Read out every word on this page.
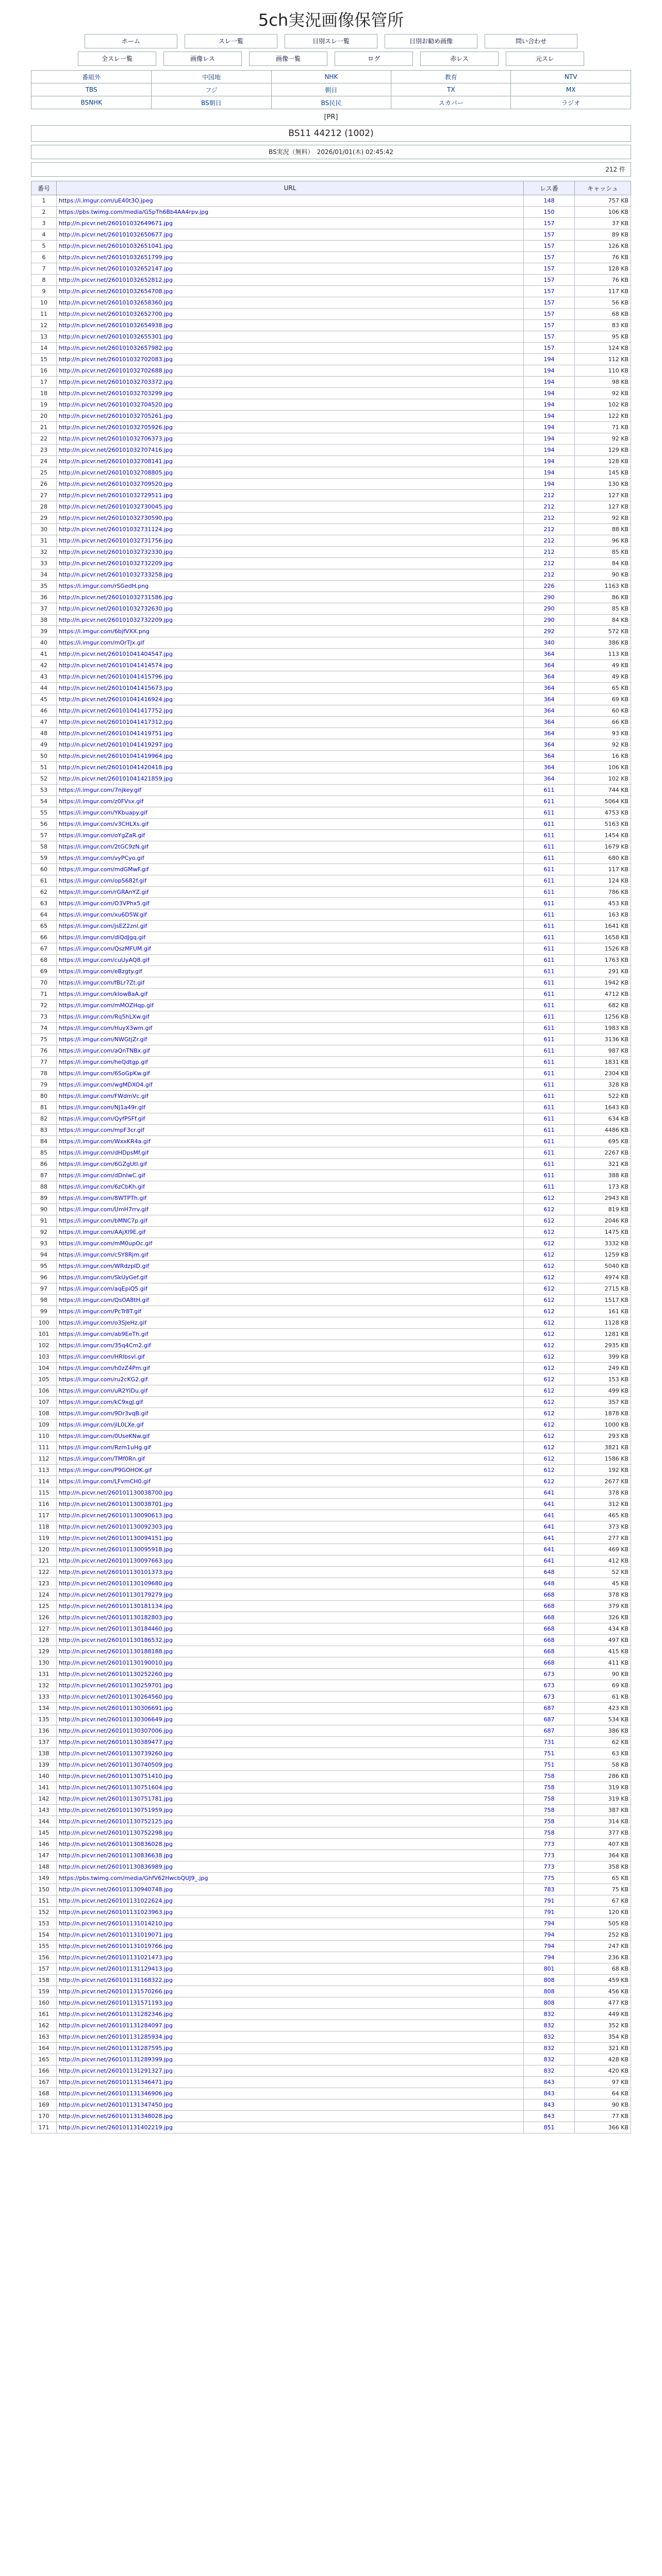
5ch実況画像保管所
ホーム	スレ一覧	日別スレ一覧	日別お勧め画像	問い合わせ
全スレ一覧	画像レス	画像一覧	ログ	赤レス	元スレ
番組外	中国地	NHK	教育	NTV
TBS	フジ	朝日	TX	MX
BSNHK	BS朝日	BS民民	スカパー	ラジオ
[PR]
BS11 44212 (1002)
BS実況（無料）　2026/01/01(木) 02:45:42
212 件
番号	URL	レス番	キャッシュ
1	https://i.imgur.com/uE40t3O.jpeg	148	757 KB
2	https://pbs.twimg.com/media/G5pTh6Bb4AA4rpv.jpg	150	106 KB
3	http://n.picvr.net/260101032649671.jpg	157	37 KB
4	http://n.picvr.net/260101032650677.jpg	157	89 KB
5	http://n.picvr.net/260101032651041.jpg	157	126 KB
6	http://n.picvr.net/260101032651799.jpg	157	76 KB
7	http://n.picvr.net/260101032652147.jpg	157	128 KB
8	http://n.picvr.net/260101032652812.jpg	157	76 KB
9	http://n.picvr.net/260101032654708.jpg	157	117 KB
10	http://n.picvr.net/260101032658360.jpg	157	56 KB
11	http://n.picvr.net/260101032652700.jpg	157	68 KB
12	http://n.picvr.net/260101032654938.jpg	157	83 KB
13	http://n.picvr.net/260101032655301.jpg	157	95 KB
14	http://n.picvr.net/260101032657982.jpg	157	124 KB
15	http://n.picvr.net/260101032702083.jpg	194	112 KB
16	http://n.picvr.net/260101032702688.jpg	194	110 KB
17	http://n.picvr.net/260101032703372.jpg	194	98 KB
18	http://n.picvr.net/260101032703299.jpg	194	92 KB
19	http://n.picvr.net/260101032704520.jpg	194	102 KB
20	http://n.picvr.net/260101032705261.jpg	194	122 KB
21	http://n.picvr.net/260101032705926.jpg	194	71 KB
22	http://n.picvr.net/260101032706373.jpg	194	92 KB
23	http://n.picvr.net/260101032707416.jpg	194	129 KB
24	http://n.picvr.net/260101032708141.jpg	194	128 KB
25	http://n.picvr.net/260101032708805.jpg	194	145 KB
26	http://n.picvr.net/260101032709520.jpg	194	130 KB
27	http://n.picvr.net/260101032729511.jpg	212	127 KB
28	http://n.picvr.net/260101032730045.jpg	212	127 KB
29	http://n.picvr.net/260101032730590.jpg	212	92 KB
30	http://n.picvr.net/260101032731124.jpg	212	88 KB
31	http://n.picvr.net/260101032731756.jpg	212	96 KB
32	http://n.picvr.net/260101032732330.jpg	212	85 KB
33	http://n.picvr.net/260101032732209.jpg	212	84 KB
34	http://n.picvr.net/260101032733258.jpg	212	90 KB
35	https://i.imgur.com/rSGedH.png	226	1163 KB
36	http://n.picvr.net/260101032731586.jpg	290	86 KB
37	http://n.picvr.net/260101032732630.jpg	290	85 KB
38	http://n.picvr.net/260101032732209.jpg	290	84 KB
39	https://i.imgur.com/6bjfVXX.png	292	572 KB
40	https://i.imgur.com/mOrTJx.gif	340	386 KB
41	http://n.picvr.net/260101041404547.jpg	364	113 KB
42	http://n.picvr.net/260101041414574.jpg	364	49 KB
43	http://n.picvr.net/260101041415796.jpg	364	49 KB
44	http://n.picvr.net/260101041415673.jpg	364	65 KB
45	http://n.picvr.net/260101041416924.jpg	364	69 KB
46	http://n.picvr.net/260101041417752.jpg	364	60 KB
47	http://n.picvr.net/260101041417312.jpg	364	66 KB
48	http://n.picvr.net/260101041419751.jpg	364	93 KB
49	http://n.picvr.net/260101041419297.jpg	364	92 KB
50	http://n.picvr.net/260101041419964.jpg	364	16 KB
51	http://n.picvr.net/260101041420418.jpg	364	106 KB
52	http://n.picvr.net/260101041421859.jpg	364	102 KB
53	https://i.imgur.com/7njkey.gif	611	744 KB
54	https://i.imgur.com/z0FVsx.gif	611	5064 KB
55	https://i.imgur.com/YKbuapy.gif	611	4753 KB
56	https://i.imgur.com/v3CHLXs.gif	611	5163 KB
57	https://i.imgur.com/oYgZaR.gif	611	1454 KB
58	https://i.imgur.com/2tGC9zN.gif	611	1679 KB
59	https://i.imgur.com/vyPCyo.gif	611	680 KB
60	https://i.imgur.com/mdGMwF.gif	611	117 KB
61	https://i.imgur.com/opS682f.gif	611	124 KB
62	https://i.imgur.com/rGRAnYZ.gif	611	786 KB
63	https://i.imgur.com/O3VPhx5.gif	611	453 KB
64	https://i.imgur.com/xu6D5W.gif	611	163 KB
65	https://i.imgur.com/jsEZ2znl.gif	611	1641 KB
66	https://i.imgur.com/dlQdJgq.gif	611	1658 KB
67	https://i.imgur.com/QszMFUM.gif	611	1526 KB
68	https://i.imgur.com/cuUyAQ8.gif	611	1763 KB
69	https://i.imgur.com/eBzgty.gif	611	291 KB
70	https://i.imgur.com/fBLr7Zt.gif	611	1942 KB
71	https://i.imgur.com/kIowBaA.gif	611	4712 KB
72	https://i.imgur.com/mMOZHqp.gif	611	682 KB
73	https://i.imgur.com/Rq5hLXw.gif	611	1256 KB
74	https://i.imgur.com/HuyX3wm.gif	611	1983 KB
75	https://i.imgur.com/NWGtjZr.gif	611	3136 KB
76	https://i.imgur.com/aQnTNBx.gif	611	987 KB
77	https://i.imgur.com/heQdtgp.gif	611	1831 KB
78	https://i.imgur.com/6SoGpKw.gif	611	2304 KB
79	https://i.imgur.com/wgMDXO4.gif	611	328 KB
80	https://i.imgur.com/FWdmVc.gif	611	522 KB
81	https://i.imgur.com/NJ1a49r.gif	611	1643 KB
82	https://i.imgur.com/QyfPSFf.gif	611	634 KB
83	https://i.imgur.com/mpF3cr.gif	611	4486 KB
84	https://i.imgur.com/WxxKR4a.gif	611	695 KB
85	https://i.imgur.com/dHDpsMf.gif	611	2267 KB
86	https://i.imgur.com/6GZgUtI.gif	611	321 KB
87	https://i.imgur.com/dDnIwC.gif	611	388 KB
88	https://i.imgur.com/6zCbKh.gif	611	173 KB
89	https://i.imgur.com/8WTPTh.gif	612	2943 KB
90	https://i.imgur.com/UmH7rrv.gif	612	819 KB
91	https://i.imgur.com/bMNC7p.gif	612	2046 KB
92	https://i.imgur.com/AAjXl9E.gif	612	1475 KB
93	https://i.imgur.com/mM0upOc.gif	612	3332 KB
94	https://i.imgur.com/cSY8Rjm.gif	612	1259 KB
95	https://i.imgur.com/WRdzpID.gif	612	5040 KB
96	https://i.imgur.com/SkUyGef.gif	612	4974 KB
97	https://i.imgur.com/aqEpiQ5.gif	612	2715 KB
98	https://i.imgur.com/QsOA8tH.gif	612	1517 KB
99	https://i.imgur.com/PcTr8T.gif	612	161 KB
100	https://i.imgur.com/o3SJeHz.gif	612	1128 KB
101	https://i.imgur.com/ab9EeTh.gif	612	1281 KB
102	https://i.imgur.com/35q4Cm2.gif	612	2935 KB
103	https://i.imgur.com/HRIbsvl.gif	612	399 KB
104	https://i.imgur.com/h0zZ4Pm.gif	612	249 KB
105	https://i.imgur.com/ru2cKG2.gif	612	153 KB
106	https://i.imgur.com/uR2YIDu.gif	612	499 KB
107	https://i.imgur.com/kC9xgJ.gif	612	357 KB
108	https://i.imgur.com/9Dr3vqB.gif	612	1878 KB
109	https://i.imgur.com/jlL0LXe.gif	612	1000 KB
110	https://i.imgur.com/0UseKNw.gif	612	293 KB
111	https://i.imgur.com/Rzm1uHg.gif	612	3821 KB
112	https://i.imgur.com/TMf0Rn.gif	612	1586 KB
113	https://i.imgur.com/P9GOHOK.gif	612	192 KB
114	https://i.imgur.com/LFvmCH0.gif	612	2677 KB
115	http://n.picvr.net/260101130038700.jpg	641	378 KB
116	http://n.picvr.net/260101130038701.jpg	641	312 KB
117	http://n.picvr.net/260101130090613.jpg	641	465 KB
118	http://n.picvr.net/260101130092303.jpg	641	373 KB
119	http://n.picvr.net/260101130094151.jpg	641	277 KB
120	http://n.picvr.net/260101130095918.jpg	641	469 KB
121	http://n.picvr.net/260101130097663.jpg	641	412 KB
122	http://n.picvr.net/260101130101373.jpg	648	52 KB
123	http://n.picvr.net/260101130109680.jpg	648	45 KB
124	http://n.picvr.net/260101130179279.jpg	668	378 KB
125	http://n.picvr.net/260101130181134.jpg	668	379 KB
126	http://n.picvr.net/260101130182803.jpg	668	326 KB
127	http://n.picvr.net/260101130184460.jpg	668	434 KB
128	http://n.picvr.net/260101130186532.jpg	668	497 KB
129	http://n.picvr.net/260101130188188.jpg	668	415 KB
130	http://n.picvr.net/260101130190010.jpg	668	411 KB
131	http://n.picvr.net/260101130252260.jpg	673	90 KB
132	http://n.picvr.net/260101130259701.jpg	673	69 KB
133	http://n.picvr.net/260101130264560.jpg	673	61 KB
134	http://n.picvr.net/260101130306691.jpg	687	423 KB
135	http://n.picvr.net/260101130306649.jpg	687	534 KB
136	http://n.picvr.net/260101130307006.jpg	687	386 KB
137	http://n.picvr.net/260101130389477.jpg	731	62 KB
138	http://n.picvr.net/260101130739260.jpg	751	63 KB
139	http://n.picvr.net/260101130740509.jpg	751	58 KB
140	http://n.picvr.net/260101130751410.jpg	758	286 KB
141	http://n.picvr.net/260101130751604.jpg	758	319 KB
142	http://n.picvr.net/260101130751781.jpg	758	319 KB
143	http://n.picvr.net/260101130751959.jpg	758	387 KB
144	http://n.picvr.net/260101130752125.jpg	758	314 KB
145	http://n.picvr.net/260101130752298.jpg	758	377 KB
146	http://n.picvr.net/260101130836028.jpg	773	407 KB
147	http://n.picvr.net/260101130836638.jpg	773	364 KB
148	http://n.picvr.net/260101130836989.jpg	773	358 KB
149	https://pbs.twimg.com/media/GhfV62HwcbQUJ9_.jpg	775	65 KB
150	http://n.picvr.net/260101130940748.jpg	783	75 KB
151	http://n.picvr.net/260101131022624.jpg	791	67 KB
152	http://n.picvr.net/260101131023963.jpg	791	120 KB
153	http://n.picvr.net/260101131014210.jpg	794	505 KB
154	http://n.picvr.net/260101131019071.jpg	794	252 KB
155	http://n.picvr.net/260101131019766.jpg	794	247 KB
156	http://n.picvr.net/260101131021473.jpg	794	236 KB
157	http://n.picvr.net/260101131129413.jpg	801	68 KB
158	http://n.picvr.net/260101131168322.jpg	808	459 KB
159	http://n.picvr.net/260101131570266.jpg	808	456 KB
160	http://n.picvr.net/260101131571193.jpg	808	477 KB
161	http://n.picvr.net/260101131282346.jpg	832	449 KB
162	http://n.picvr.net/260101131284097.jpg	832	352 KB
163	http://n.picvr.net/260101131285934.jpg	832	354 KB
164	http://n.picvr.net/260101131287595.jpg	832	321 KB
165	http://n.picvr.net/260101131289399.jpg	832	428 KB
166	http://n.picvr.net/260101131291327.jpg	832	420 KB
167	http://n.picvr.net/260101131346471.jpg	843	97 KB
168	http://n.picvr.net/260101131346906.jpg	843	64 KB
169	http://n.picvr.net/260101131347450.jpg	843	90 KB
170	http://n.picvr.net/260101131348028.jpg	843	77 KB
171	http://n.picvr.net/260101131402219.jpg	851	366 KB
